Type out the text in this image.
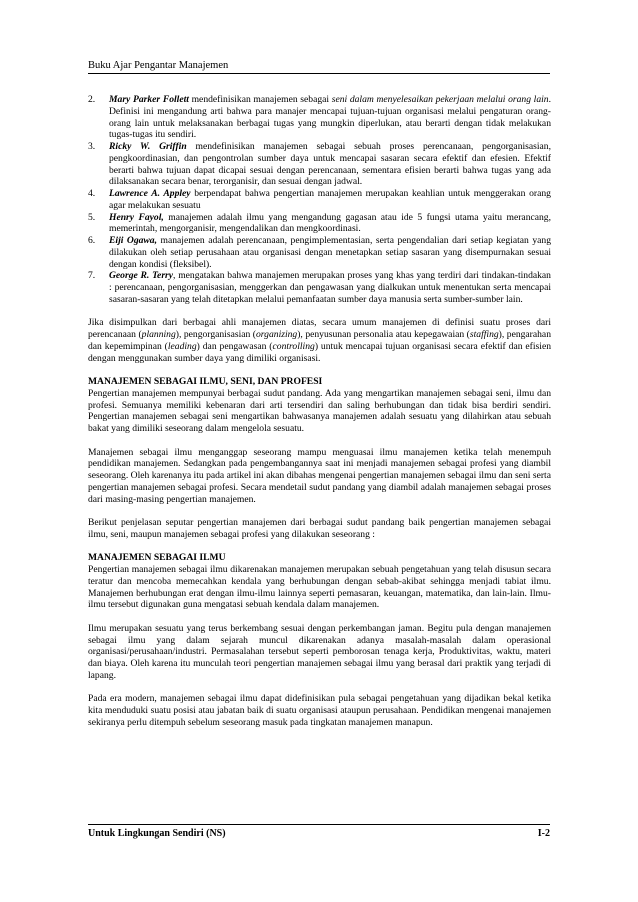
Buku Ajar Pengantar Manajemen
2.	Mary Parker Follett mendefinisikan manajemen sebagai seni dalam menyelesaikan pekerjaan melalui orang lain. Definisi ini mengandung arti bahwa para manajer mencapai tujuan-tujuan organisasi melalui pengaturan orang-orang lain untuk melaksanakan berbagai tugas yang mungkin diperlukan, atau berarti dengan tidak melakukan tugas-tugas itu sendiri.
3.	Ricky W. Griffin mendefinisikan manajemen sebagai sebuah proses perencanaan, pengorganisasian, pengkoordinasian, dan pengontrolan sumber daya untuk mencapai sasaran secara efektif dan efesien. Efektif berarti bahwa tujuan dapat dicapai sesuai dengan perencanaan, sementara efisien berarti bahwa tugas yang ada dilaksanakan secara benar, terorganisir, dan sesuai dengan jadwal.
4.	Lawrence A. Appley berpendapat bahwa pengertian manajemen merupakan keahlian untuk menggerakan orang agar melakukan sesuatu
5.	Henry Fayol, manajemen adalah ilmu yang mengandung gagasan atau ide 5 fungsi utama yaitu merancang, memerintah, mengorganisir, mengendalikan dan mengkoordinasi.
6.	Eiji Ogawa, manajemen adalah perencanaan, pengimplementasian, serta pengendalian dari setiap kegiatan yang dilakukan oleh setiap perusahaan atau organisasi dengan menetapkan setiap sasaran yang disempurnakan sesuai dengan kondisi (fleksibel).
7.	George R. Terry, mengatakan bahwa manajemen merupakan proses yang khas yang terdiri dari tindakan-tindakan : perencanaan, pengorganisasian, menggerkan dan pengawasan yang dialkukan untuk menentukan serta mencapai sasaran-sasaran yang telah ditetapkan melalui pemanfaatan sumber daya manusia serta sumber-sumber lain.
Jika disimpulkan dari berbagai ahli manajemen diatas, secara umum manajemen di definisi suatu proses dari perencanaan (planning), pengorganisasian (organizing), penyusunan personalia atau kepegawaian (staffing), pengarahan dan kepemimpinan (leading) dan pengawasan (controlling) untuk mencapai tujuan organisasi secara efektif dan efisien dengan menggunakan sumber daya yang dimiliki organisasi.
MANAJEMEN SEBAGAI ILMU, SENI, DAN PROFESI
Pengertian manajemen mempunyai berbagai sudut pandang. Ada yang mengartikan manajemen sebagai seni, ilmu dan profesi. Semuanya memiliki kebenaran dari arti tersendiri dan saling berhubungan dan tidak bisa berdiri sendiri. Pengertian manajemen sebagai seni mengartikan bahwasanya manajemen adalah sesuatu yang dilahirkan atau sebuah bakat yang dimiliki seseorang dalam mengelola sesuatu.
Manajemen sebagai ilmu menganggap seseorang mampu menguasai ilmu manajemen ketika telah menempuh pendidikan manajemen. Sedangkan pada pengembangannya saat ini menjadi manajemen sebagai profesi yang diambil seseorang. Oleh karenanya itu pada artikel ini akan dibahas mengenai pengertian manajemen sebagai ilmu dan seni serta pengertian manajemen sebagai profesi. Secara mendetail sudut pandang yang diambil adalah manajemen sebagai proses dari masing-masing pengertian manajemen.
Berikut penjelasan seputar pengertian manajemen dari berbagai sudut pandang baik pengertian manajemen sebagai ilmu, seni, maupun manajemen sebagai profesi yang dilakukan seseorang :
MANAJEMEN SEBAGAI ILMU
Pengertian manajemen sebagai ilmu dikarenakan manajemen merupakan sebuah pengetahuan yang telah disusun secara teratur dan mencoba memecahkan kendala yang berhubungan dengan sebab-akibat sehingga menjadi tabiat ilmu. Manajemen berhubungan erat dengan ilmu-ilmu lainnya seperti pemasaran, keuangan, matematika, dan lain-lain. Ilmu-ilmu tersebut digunakan guna mengatasi sebuah kendala dalam manajemen.
Ilmu merupakan sesuatu yang terus berkembang sesuai dengan perkembangan jaman. Begitu pula dengan manajemen sebagai ilmu yang dalam sejarah muncul dikarenakan adanya masalah-masalah dalam operasional organisasi/perusahaan/industri. Permasalahan tersebut seperti pemborosan tenaga kerja, Produktivitas, waktu, materi dan biaya. Oleh karena itu munculah teori pengertian manajemen sebagai ilmu yang berasal dari praktik yang terjadi di lapang.
Pada era modern, manajemen sebagai ilmu dapat didefinisikan pula sebagai pengetahuan yang dijadikan bekal ketika kita menduduki suatu posisi atau jabatan baik di suatu organisasi ataupun perusahaan. Pendidikan mengenai manajemen sekiranya perlu ditempuh sebelum seseorang masuk pada tingkatan manajemen manapun.
Untuk Lingkungan Sendiri (NS)	I-2
